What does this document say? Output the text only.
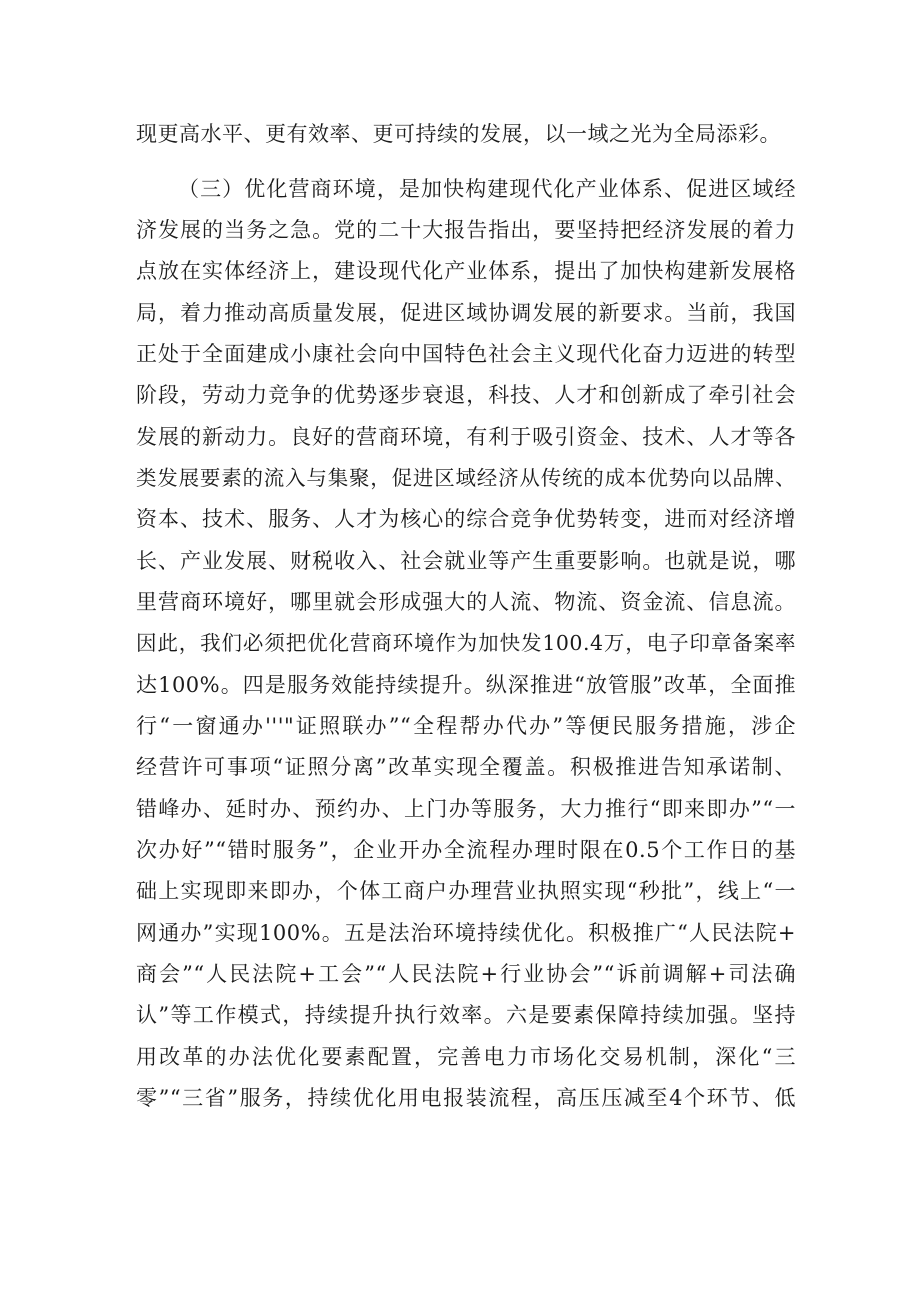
现更高水平、更有效率、更可持续的发展，以一域之光为全局添彩。
（三）优化营商环境，是加快构建现代化产业体系、促进区域经
济发展的当务之急。党的二十大报告指出，要坚持把经济发展的着力
点放在实体经济上，建设现代化产业体系，提出了加快构建新发展格
局，着力推动高质量发展，促进区域协调发展的新要求。当前，我国
正处于全面建成小康社会向中国特色社会主义现代化奋力迈进的转型
阶段，劳动力竞争的优势逐步衰退，科技、人才和创新成了牵引社会
发展的新动力。良好的营商环境，有利于吸引资金、技术、人才等各
类发展要素的流入与集聚，促进区域经济从传统的成本优势向以品牌、
资本、技术、服务、人才为核心的综合竞争优势转变，进而对经济增
长、产业发展、财税收入、社会就业等产生重要影响。也就是说，哪
里营商环境好，哪里就会形成强大的人流、物流、资金流、信息流。
因此，我们必须把优化营商环境作为加快发100.4万，电子印章备案率
达100%。四是服务效能持续提升。纵深推进“放管服”改革，全面推
行“一窗通办'''"证照联办”“全程帮办代办”等便民服务措施，涉企
经营许可事项“证照分离”改革实现全覆盖。积极推进告知承诺制、
错峰办、延时办、预约办、上门办等服务，大力推行“即来即办”“一
次办好”“错时服务”，企业开办全流程办理时限在0.5个工作日的基
础上实现即来即办，个体工商户办理营业执照实现“秒批”，线上“一
网通办”实现100%。五是法治环境持续优化。积极推广“人民法院+
商会”“人民法院+工会”“人民法院+行业协会”“诉前调解+司法确
认”等工作模式，持续提升执行效率。六是要素保障持续加强。坚持
用改革的办法优化要素配置，完善电力市场化交易机制，深化“三
零”“三省”服务，持续优化用电报装流程，高压压减至4个环节、低
